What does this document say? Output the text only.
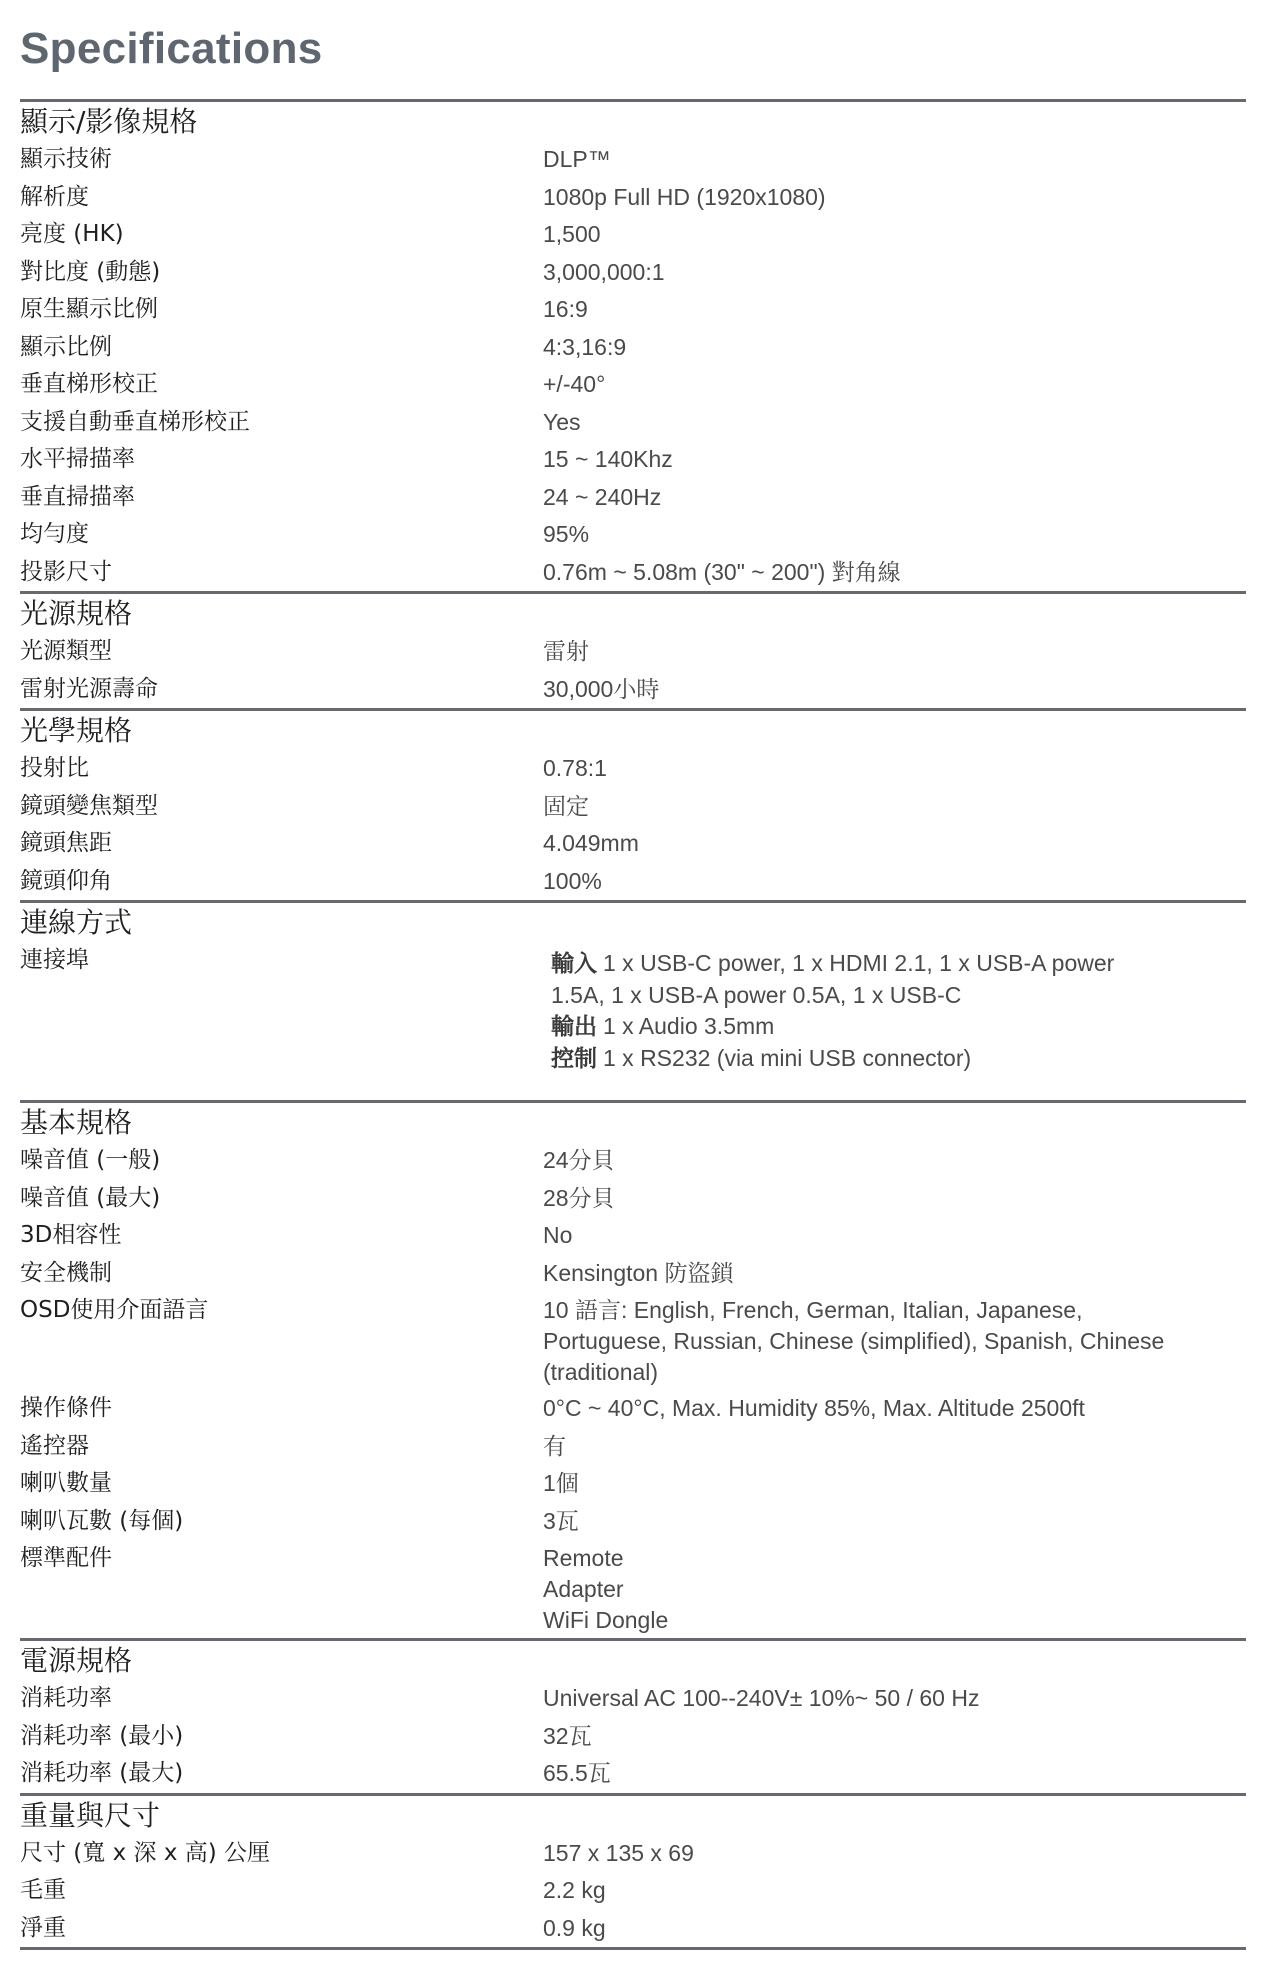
Specifications
顯示/影像規格
顯示技術	DLP™
解析度	1080p Full HD (1920x1080)
亮度 (HK)	1,500
對比度 (動態)	3,000,000:1
原生顯示比例	16:9
顯示比例	4:3,16:9
垂直梯形校正	+/-40°
支援自動垂直梯形校正	Yes
水平掃描率	15 ~ 140Khz
垂直掃描率	24 ~ 240Hz
均勻度	95%
投影尺寸	0.76m ~ 5.08m (30" ~ 200") 對角線
光源規格
光源類型	雷射
雷射光源壽命	30,000小時
光學規格
投射比	0.78:1
鏡頭變焦類型	固定
鏡頭焦距	4.049mm
鏡頭仰角	100%
連線方式
連接埠	輸入 1 x USB-C power, 1 x HDMI 2.1, 1 x USB-A power
1.5A, 1 x USB-A power 0.5A, 1 x USB-C
輸出 1 x Audio 3.5mm
控制 1 x RS232 (via mini USB connector)
基本規格
噪音值 (一般)	24分貝
噪音值 (最大)	28分貝
3D相容性	No
安全機制	Kensington 防盜鎖
OSD使用介面語言	10 語言: English, French, German, Italian, Japanese,
Portuguese, Russian, Chinese (simplified), Spanish, Chinese
(traditional)
操作條件	0°C ~ 40°C, Max. Humidity 85%, Max. Altitude 2500ft
遙控器	有
喇叭數量	1個
喇叭瓦數 (每個)	3瓦
標準配件	Remote
Adapter
WiFi Dongle
電源規格
消耗功率	Universal AC 100--240V± 10%~ 50 / 60 Hz
消耗功率 (最小)	32瓦
消耗功率 (最大)	65.5瓦
重量與尺寸
尺寸 (寬 x 深 x 高) 公厘	157 x 135 x 69
毛重	2.2 kg
淨重	0.9 kg
